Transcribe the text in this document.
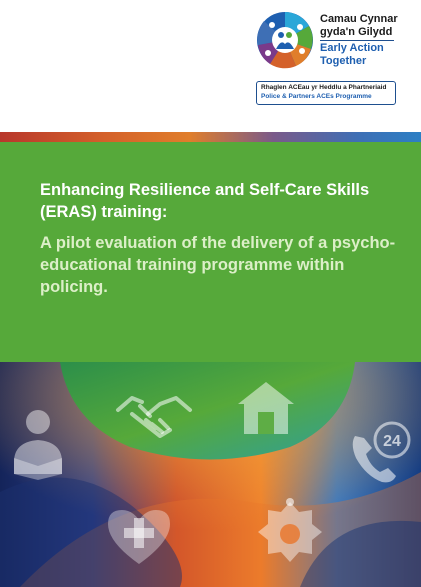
Camau Cynnar
gyda'n Gilydd
Early Action
Together
Rhaglen ACEau yr Heddlu a Phartneriaid
Police & Partners ACEs Programme
Enhancing Resilience and Self-Care Skills (ERAS) training:
A pilot evaluation of the delivery of a psycho-educational training programme within policing.
24
